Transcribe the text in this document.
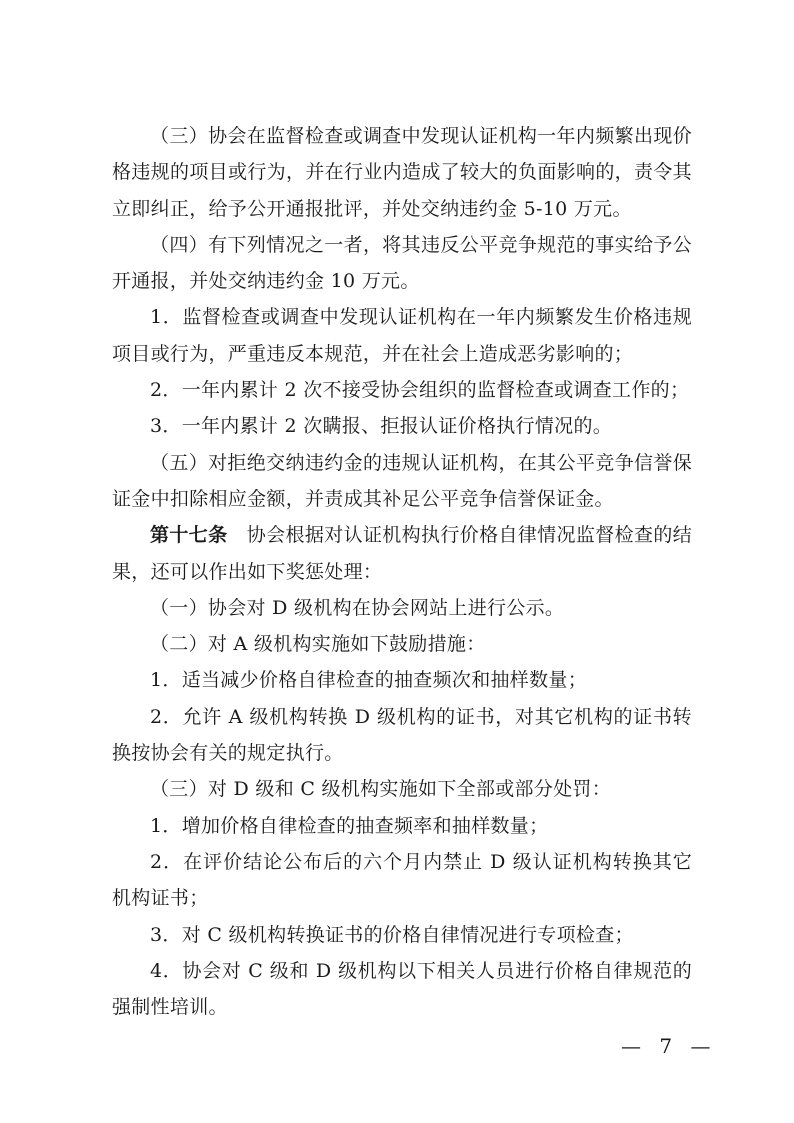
（三）协会在监督检查或调查中发现认证机构一年内频繁出现价格违规的项目或行为，并在行业内造成了较大的负面影响的，责令其立即纠正，给予公开通报批评，并处交纳违约金 5-10 万元。

（四）有下列情况之一者，将其违反公平竞争规范的事实给予公开通报，并处交纳违约金 10 万元。

1．监督检查或调查中发现认证机构在一年内频繁发生价格违规项目或行为，严重违反本规范，并在社会上造成恶劣影响的；

2．一年内累计 2 次不接受协会组织的监督检查或调查工作的；

3．一年内累计 2 次瞒报、拒报认证价格执行情况的。

（五）对拒绝交纳违约金的违规认证机构，在其公平竞争信誉保证金中扣除相应金额，并责成其补足公平竞争信誉保证金。

第十七条　协会根据对认证机构执行价格自律情况监督检查的结果，还可以作出如下奖惩处理：

（一）协会对 D 级机构在协会网站上进行公示。

（二）对 A 级机构实施如下鼓励措施：

1．适当减少价格自律检查的抽查频次和抽样数量；

2．允许 A 级机构转换 D 级机构的证书，对其它机构的证书转换按协会有关的规定执行。

（三）对 D 级和 C 级机构实施如下全部或部分处罚：

1．增加价格自律检查的抽查频率和抽样数量；

2．在评价结论公布后的六个月内禁止 D 级认证机构转换其它机构证书；

3．对 C 级机构转换证书的价格自律情况进行专项检查；

4．协会对 C 级和 D 级机构以下相关人员进行价格自律规范的强制性培训。

— 7 —
